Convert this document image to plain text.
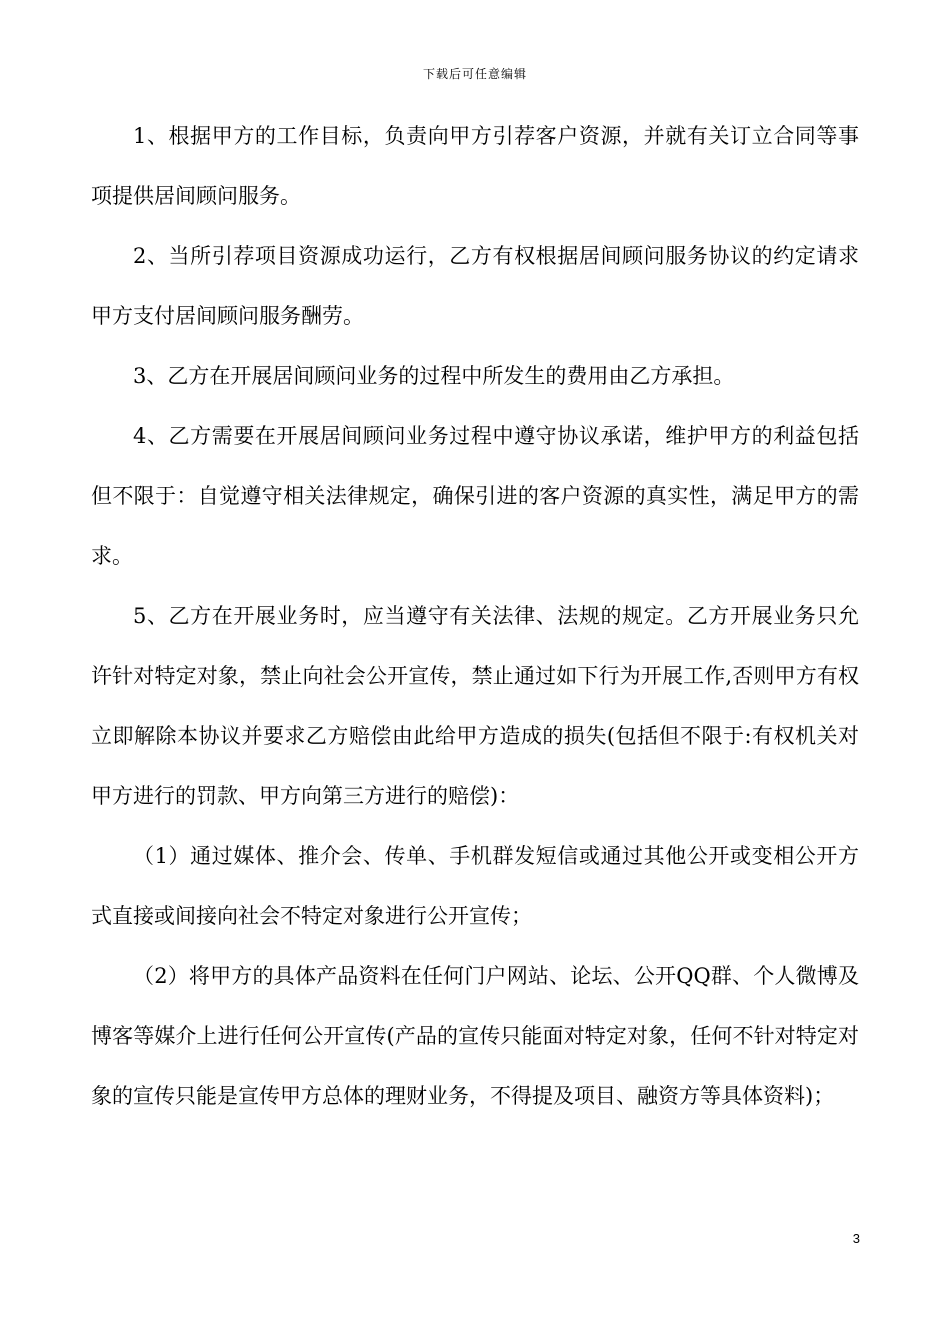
下载后可任意编辑

1、根据甲方的工作目标，负责向甲方引荐客户资源，并就有关订立合同等事项提供居间顾问服务。

2、当所引荐项目资源成功运行，乙方有权根据居间顾问服务协议的约定请求甲方支付居间顾问服务酬劳。

3、乙方在开展居间顾问业务的过程中所发生的费用由乙方承担。

4、乙方需要在开展居间顾问业务过程中遵守协议承诺，维护甲方的利益包括但不限于：自觉遵守相关法律规定，确保引进的客户资源的真实性，满足甲方的需求。

5、乙方在开展业务时，应当遵守有关法律、法规的规定。乙方开展业务只允许针对特定对象，禁止向社会公开宣传，禁止通过如下行为开展工作,否则甲方有权立即解除本协议并要求乙方赔偿由此给甲方造成的损失(包括但不限于:有权机关对甲方进行的罚款、甲方向第三方进行的赔偿)：

（1）通过媒体、推介会、传单、手机群发短信或通过其他公开或变相公开方式直接或间接向社会不特定对象进行公开宣传；

（2）将甲方的具体产品资料在任何门户网站、论坛、公开QQ群、个人微博及博客等媒介上进行任何公开宣传(产品的宣传只能面对特定对象，任何不针对特定对象的宣传只能是宣传甲方总体的理财业务，不得提及项目、融资方等具体资料)；

3
